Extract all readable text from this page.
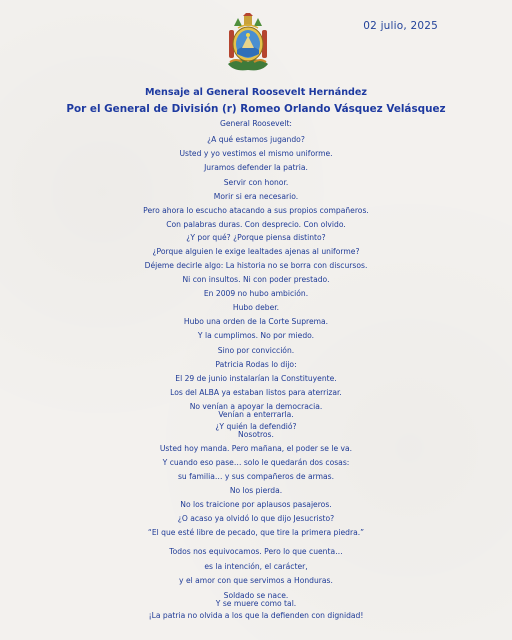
02 julio, 2025
Mensaje al General Roosevelt Hernández
Por el General de División (r) Romeo Orlando Vásquez Velásquez
General Roosevelt:
¿A qué estamos jugando?
Usted y yo vestimos el mismo uniforme.
Juramos defender la patria.
Servir con honor.
Morir si era necesario.
Pero ahora lo escucho atacando a sus propios compañeros.
Con palabras duras. Con desprecio. Con olvido.
¿Y por qué? ¿Porque piensa distinto?
¿Porque alguien le exige lealtades ajenas al uniforme?
Déjeme decirle algo: La historia no se borra con discursos.
Ni con insultos. Ni con poder prestado.
En 2009 no hubo ambición.
Hubo deber.
Hubo una orden de la Corte Suprema.
Y la cumplimos. No por miedo.
Sino por convicción.
Patricia Rodas lo dijo:
El 29 de junio instalarían la Constituyente.
Los del ALBA ya estaban listos para aterrizar.
No venían a apoyar la democracia.
Venían a enterrarla.
¿Y quién la defendió?
Nosotros.
Usted hoy manda. Pero mañana, el poder se le va.
Y cuando eso pase… solo le quedarán dos cosas:
su familia… y sus compañeros de armas.
No los pierda.
No los traicione por aplausos pasajeros.
¿O acaso ya olvidó lo que dijo Jesucristo?
“El que esté libre de pecado, que tire la primera piedra.”
Todos nos equivocamos. Pero lo que cuenta…
es la intención, el carácter,
y el amor con que servimos a Honduras.
Soldado se nace.
Y se muere como tal.
¡La patria no olvida a los que la defienden con dignidad!
